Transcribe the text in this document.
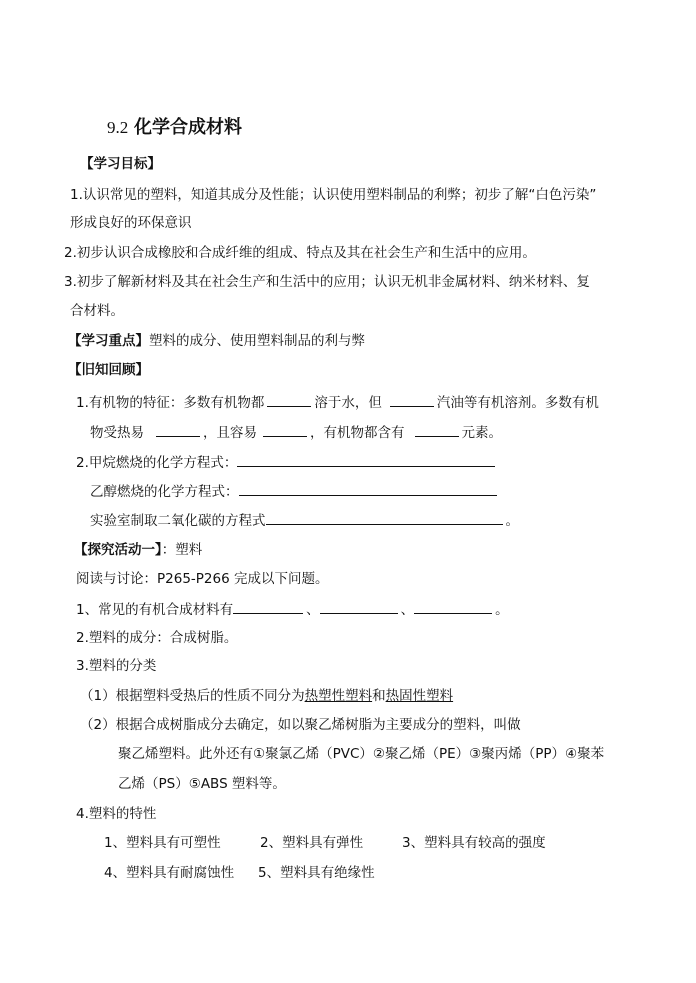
9.2 化学合成材料
【学习目标】
1.认识常见的塑料，知道其成分及性能；认识使用塑料制品的利弊；初步了解“白色污染”
形成良好的环保意识
2.初步认识合成橡胶和合成纤维的组成、特点及其在社会生产和生活中的应用。
3.初步了解新材料及其在社会生产和生活中的应用；认识无机非金属材料、纳米材料、复
合材料。
【学习重点】塑料的成分、使用塑料制品的利与弊
【旧知回顾】
1.有机物的特征：多数有机物都	溶于水，但	汽油等有机溶剂。多数有机
物受热易	，且容易	，有机物都含有	元素。
2.甲烷燃烧的化学方程式：
乙醇燃烧的化学方程式：
实验室制取二氧化碳的方程式	。
【探究活动一】：塑料
阅读与讨论：P265-P266 完成以下问题。
1、常见的有机合成材料有	、	、	。
2.塑料的成分：合成树脂。
3.塑料的分类
（1）根据塑料受热后的性质不同分为热塑性塑料和热固性塑料
（2）根据合成树脂成分去确定，如以聚乙烯树脂为主要成分的塑料，叫做
聚乙烯塑料。此外还有①聚氯乙烯（PVC）②聚乙烯（PE）③聚丙烯（PP）④聚苯
乙烯（PS）⑤ABS 塑料等。
4.塑料的特性
1、塑料具有可塑性	2、塑料具有弹性	3、塑料具有较高的强度
4、塑料具有耐腐蚀性 5、塑料具有绝缘性
